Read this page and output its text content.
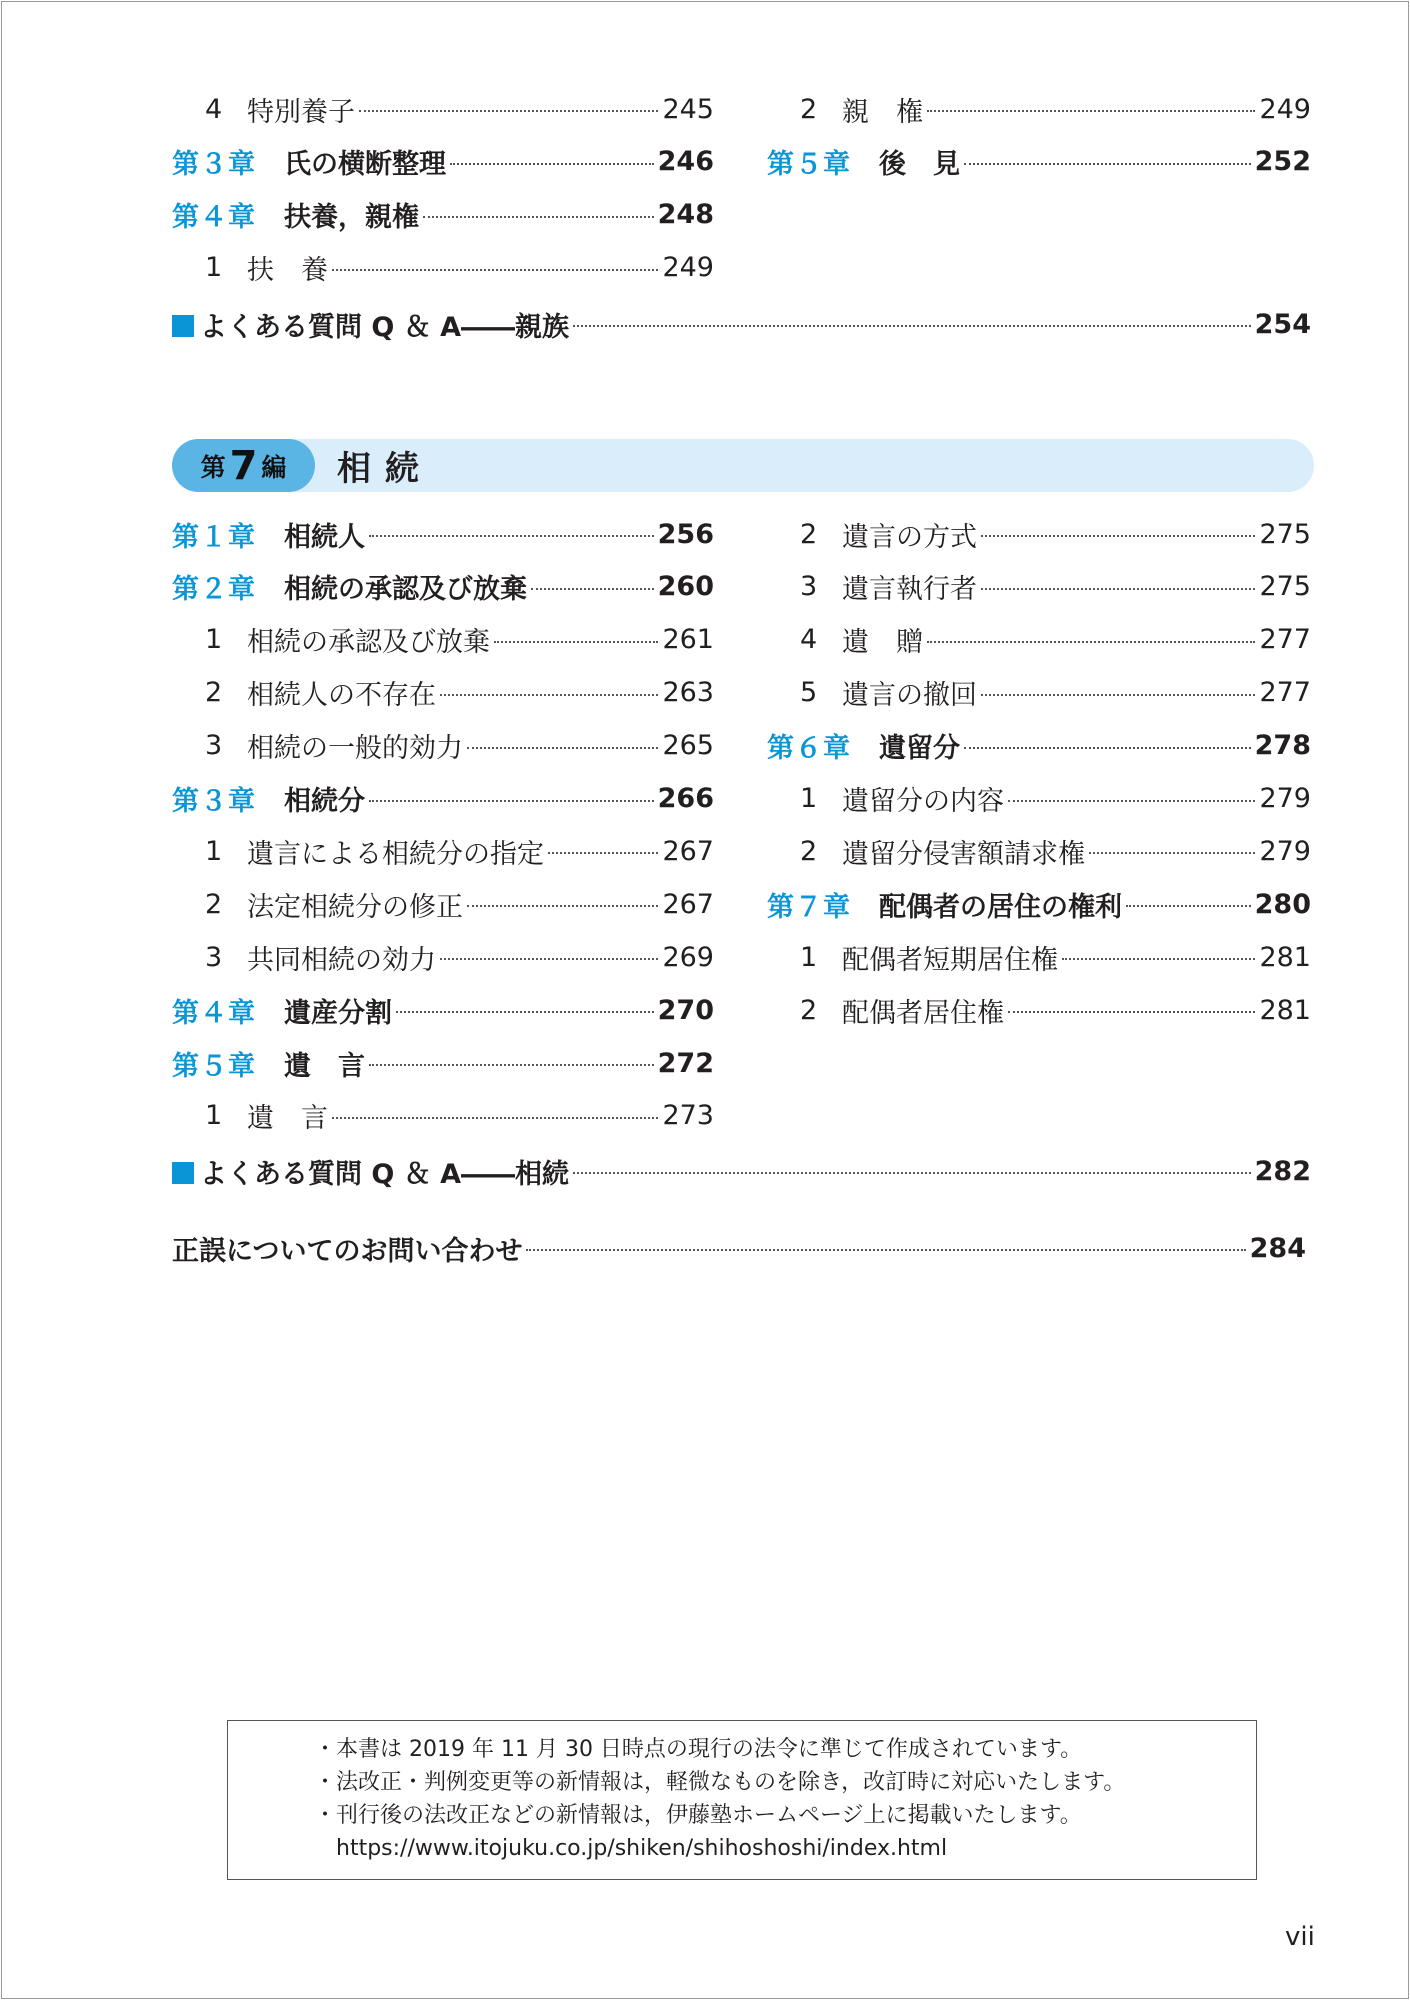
4 特別養子	245
第３章 氏の横断整理	246
第４章 扶養，親権	248
1 扶　養	249
2 親　権	249
第５章 後　見	252
よくある質問 Q ＆ A――親族	254
第 7 編 相続
第１章 相続人	256
第２章 相続の承認及び放棄	260
1 相続の承認及び放棄	261
2 相続人の不存在	263
3 相続の一般的効力	265
第３章 相続分	266
1 遺言による相続分の指定	267
2 法定相続分の修正	267
3 共同相続の効力	269
第４章 遺産分割	270
第５章 遺　言	272
1 遺　言	273
2 遺言の方式	275
3 遺言執行者	275
4 遺　贈	277
5 遺言の撤回	277
第６章 遺留分	278
1 遺留分の内容	279
2 遺留分侵害額請求権	279
第７章 配偶者の居住の権利	280
1 配偶者短期居住権	281
2 配偶者居住権	281
よくある質問 Q ＆ A――相続	282
正誤についてのお問い合わせ	284
・本書は 2019 年 11 月 30 日時点の現行の法令に準じて作成されています。
・法改正・判例変更等の新情報は，軽微なものを除き，改訂時に対応いたします。
・刊行後の法改正などの新情報は，伊藤塾ホームページ上に掲載いたします。
　https://www.itojuku.co.jp/shiken/shihoshoshi/index.html
vii
